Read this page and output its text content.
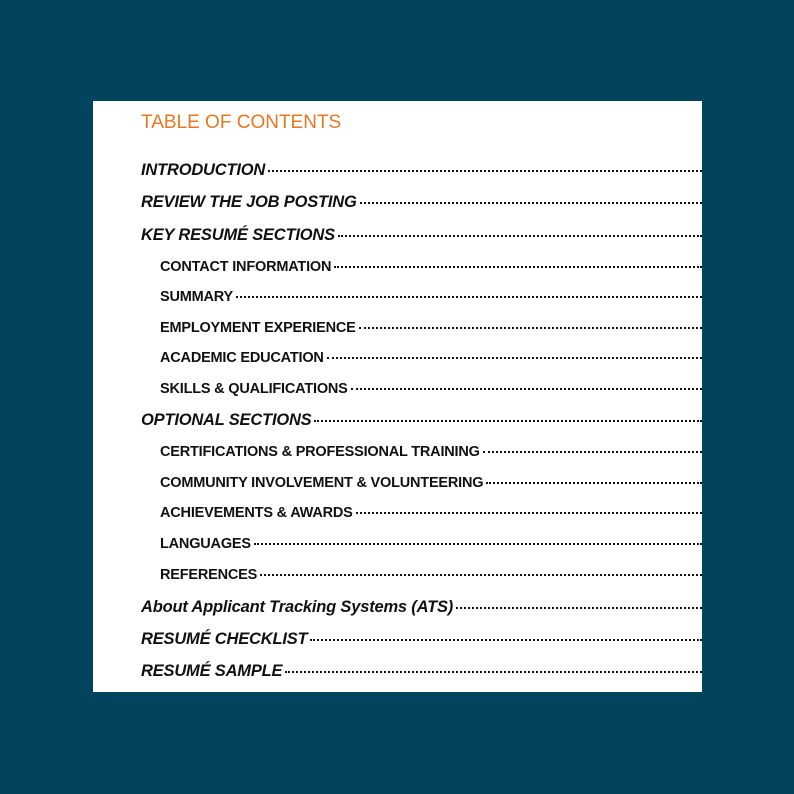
TABLE OF CONTENTS
INTRODUCTION
REVIEW THE JOB POSTING
KEY RESUMÉ SECTIONS
CONTACT INFORMATION
SUMMARY
EMPLOYMENT EXPERIENCE
ACADEMIC EDUCATION
SKILLS & QUALIFICATIONS
OPTIONAL SECTIONS
CERTIFICATIONS & PROFESSIONAL TRAINING
COMMUNITY INVOLVEMENT & VOLUNTEERING
ACHIEVEMENTS & AWARDS
LANGUAGES
REFERENCES
About Applicant Tracking Systems (ATS)
RESUMÉ CHECKLIST
RESUMÉ SAMPLE
